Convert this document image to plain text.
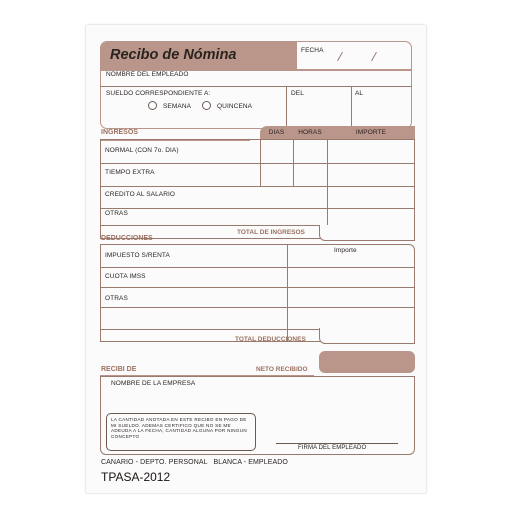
Recibo de Nómina	FECHA
NOMBRE DEL EMPLEADO
SUELDO CORRESPONDIENTE A:
SEMANA	QUINCENA
DEL	AL
INGRESOS	DIAS	HORAS	IMPORTE
NORMAL (CON 7o. DIA)
TIEMPO EXTRA
CREDITO AL SALARIO
OTRAS
TOTAL DE INGRESOS
DEDUCCIONES
Importe
IMPUESTO S/RENTA
CUOTA IMSS
OTRAS
TOTAL DEDUCCIONES
NETO RECIBIDO
RECIBI DE
NOMBRE DE LA EMPRESA
LA CANTIDAD ANOTADA EN ESTE RECIBO EN PAGO DE MI SUELDO. ADEMAS CERTIFICO QUE NO SE ME ADEUDA A LA FECHA, CANTIDAD ALGUNA POR NINGUN CONCEPTO
FIRMA DEL EMPLEADO
CANARIO - DEPTO. PERSONAL   BLANCA - EMPLEADO
TPASA-2012
